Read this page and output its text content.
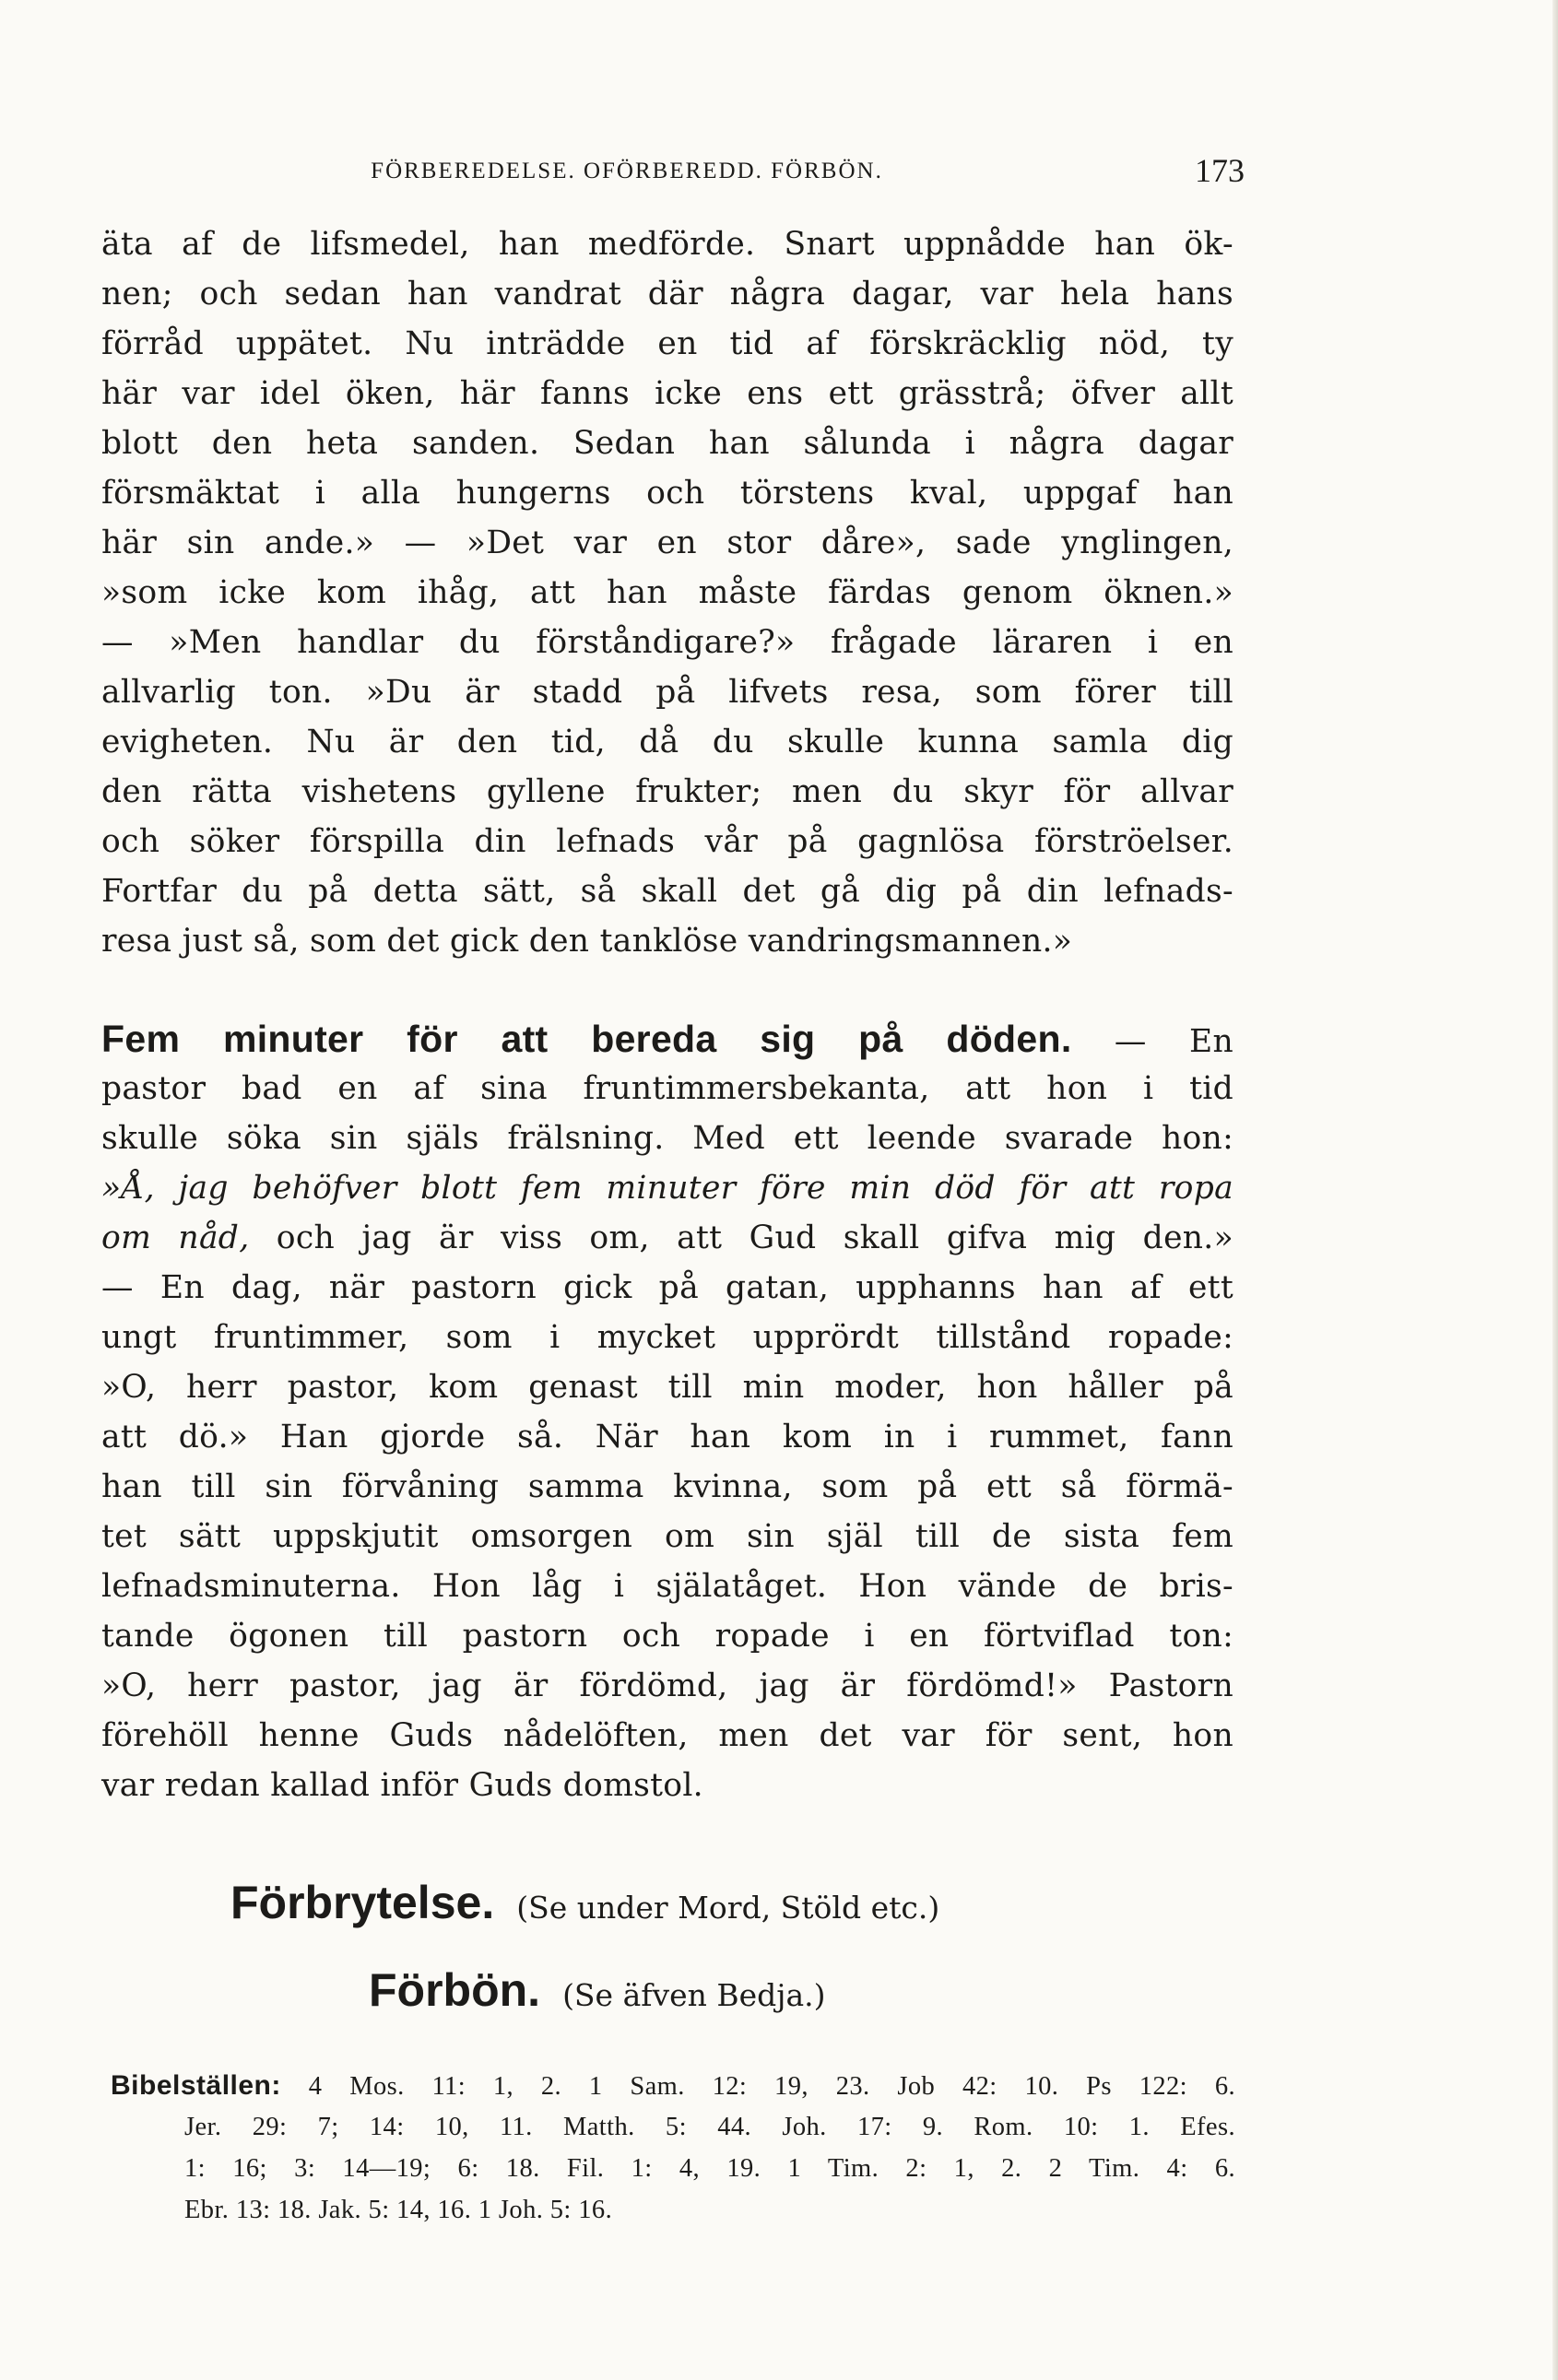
FÖRBEREDELSE. OFÖRBEREDD. FÖRBÖN.	173
äta af de lifsmedel, han medförde. Snart uppnådde han ök-
nen; och sedan han vandrat där några dagar, var hela hans
förråd uppätet. Nu inträdde en tid af förskräcklig nöd, ty
här var idel öken, här fanns icke ens ett grässtrå; öfver allt
blott den heta sanden. Sedan han sålunda i några dagar
försmäktat i alla hungerns och törstens kval, uppgaf han
här sin ande.» — »Det var en stor dåre», sade ynglingen,
»som icke kom ihåg, att han måste färdas genom öknen.»
— »Men handlar du förståndigare?» frågade läraren i en
allvarlig ton. »Du är stadd på lifvets resa, som förer till
evigheten. Nu är den tid, då du skulle kunna samla dig
den rätta vishetens gyllene frukter; men du skyr för allvar
och söker förspilla din lefnads vår på gagnlösa förströelser.
Fortfar du på detta sätt, så skall det gå dig på din lefnads-
resa just så, som det gick den tanklöse vandringsmannen.»
Fem minuter för att bereda sig på döden. — En
pastor bad en af sina fruntimmersbekanta, att hon i tid
skulle söka sin själs frälsning. Med ett leende svarade hon:
»Å, jag behöfver blott fem minuter före min död för att ropa
om nåd, och jag är viss om, att Gud skall gifva mig den.»
— En dag, när pastorn gick på gatan, upphanns han af ett
ungt fruntimmer, som i mycket upprördt tillstånd ropade:
»O, herr pastor, kom genast till min moder, hon håller på
att dö.» Han gjorde så. När han kom in i rummet, fann
han till sin förvåning samma kvinna, som på ett så förmä-
tet sätt uppskjutit omsorgen om sin själ till de sista fem
lefnadsminuterna. Hon låg i själatåget. Hon vände de bris-
tande ögonen till pastorn och ropade i en förtviflad ton:
»O, herr pastor, jag är fördömd, jag är fördömd!» Pastorn
förehöll henne Guds nådelöften, men det var för sent, hon
var redan kallad inför Guds domstol.
Förbrytelse. (Se under Mord, Stöld etc.)
Förbön. (Se äfven Bedja.)
Bibelställen: 4 Mos. 11: 1, 2. 1 Sam. 12: 19, 23. Job 42: 10. Ps 122: 6.
Jer. 29: 7; 14: 10, 11. Matth. 5: 44. Joh. 17: 9. Rom. 10: 1. Efes.
1: 16; 3: 14—19; 6: 18. Fil. 1: 4, 19. 1 Tim. 2: 1, 2. 2 Tim. 4: 6.
Ebr. 13: 18. Jak. 5: 14, 16. 1 Joh. 5: 16.
